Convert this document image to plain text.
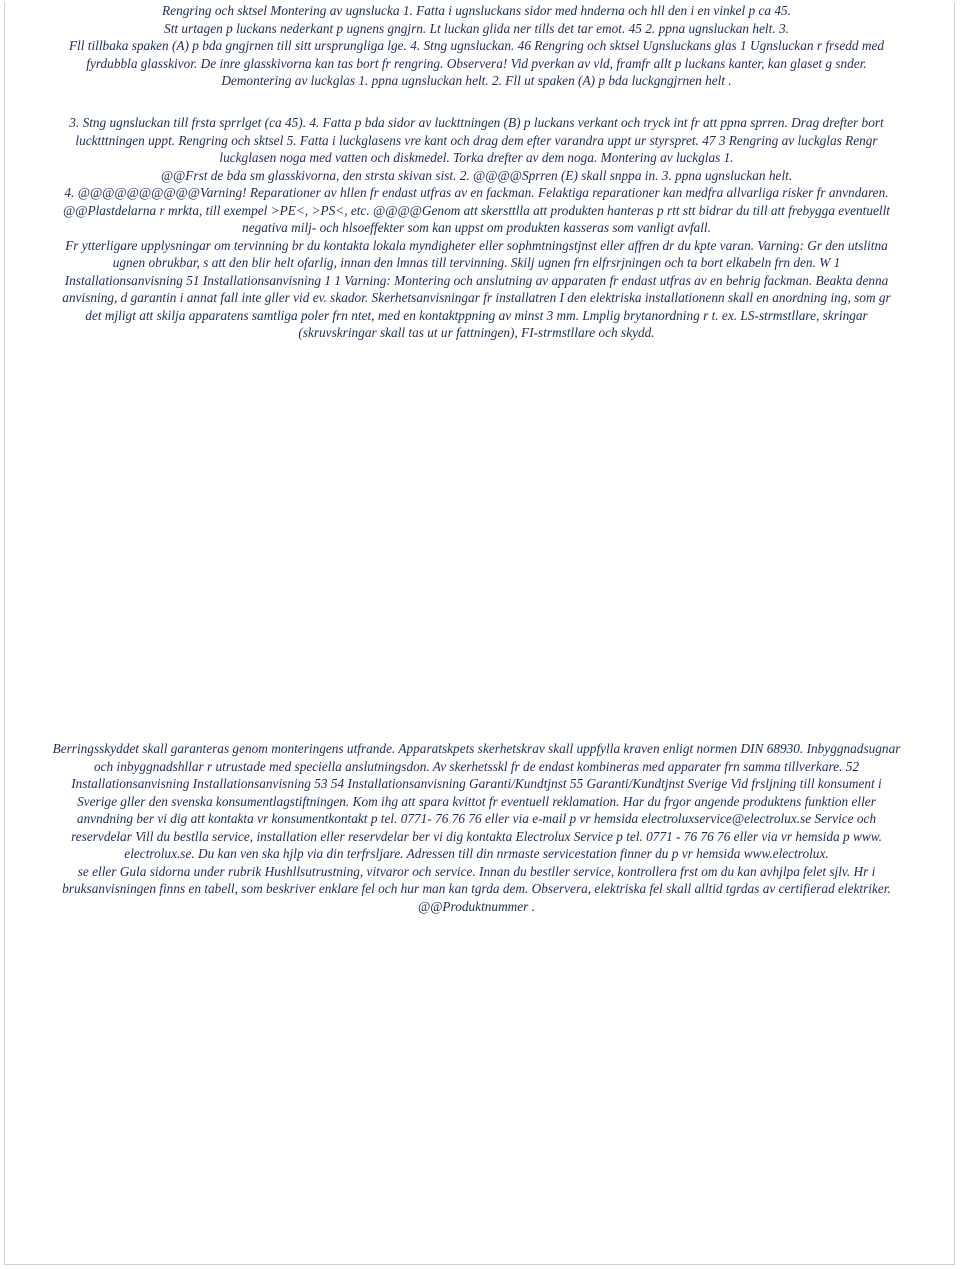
Rengring och sktsel Montering av ugnslucka 1. Fatta i ugnsluckans sidor med hnderna och hll den i en vinkel p ca 45.

Stt urtagen p luckans nederkant p ugnens gngjrn. Lt luckan glida ner tills det tar emot. 45 2. ppna ugnsluckan helt. 3.

Fll tillbaka spaken (A) p bda gngjrnen till sitt ursprungliga lge. 4. Stng ugnsluckan. 46 Rengring och sktsel Ugnsluckans glas 1 Ugnsluckan r frsedd med

fyrdubbla glasskivor. De inre glasskivorna kan tas bort fr rengring. Observera! Vid pverkan av vld, framfr allt p luckans kanter, kan glaset g snder.

Demontering av luckglas 1. ppna ugnsluckan helt. 2. Fll ut spaken (A) p bda luckgngjrnen helt .

3. Stng ugnsluckan till frsta sprrlget (ca 45). 4. Fatta p bda sidor av luckttningen (B) p luckans verkant och tryck int fr att ppna sprren. Drag drefter bort

lucktttningen uppt. Rengring och sktsel 5. Fatta i luckglasens vre kant och drag dem efter varandra uppt ur styrspret. 47 3 Rengring av luckglas Rengr

luckglasen noga med vatten och diskmedel. Torka drefter av dem noga. Montering av luckglas 1.

@@Frst de bda sm glasskivorna, den strsta skivan sist. 2. @@@@Sprren (E) skall snppa in. 3. ppna ugnsluckan helt.

4. @@@@@@@@@@Varning! Reparationer av hllen fr endast utfras av en fackman. Felaktiga reparationer kan medfra allvarliga risker fr anvndaren.

@@Plastdelarna r mrkta, till exempel >PE<, >PS<, etc. @@@@Genom att skersttlla att produkten hanteras p rtt stt bidrar du till att frebygga eventuellt

negativa milj- och hlsoeffekter som kan uppst om produkten kasseras som vanligt avfall.

Fr ytterligare upplysningar om tervinning br du kontakta lokala myndigheter eller sophmtningstjnst eller affren dr du kpte varan. Varning: Gr den utslitna

ugnen obrukbar, s att den blir helt ofarlig, innan den lmnas till tervinning. Skilj ugnen frn elfrsrjningen och ta bort elkabeln frn den. W 1

Installationsanvisning 51 Installationsanvisning 1 1 Varning: Montering och anslutning av apparaten fr endast utfras av en behrig fackman. Beakta denna

anvisning, d garantin i annat fall inte gller vid ev. skador. Skerhetsanvisningar fr installatren I den elektriska installationenn skall en anordning ing, som gr

det mjligt att skilja apparatens samtliga poler frn ntet, med en kontaktppning av minst 3 mm. Lmplig brytanordning r t. ex. LS-strmstllare, skringar

(skruvskringar skall tas ut ur fattningen), FI-strmstllare och skydd.

Berringsskyddet skall garanteras genom monteringens utfrande. Apparatskpets skerhetskrav skall uppfylla kraven enligt normen DIN 68930. Inbyggnadsugnar

och inbyggnadshllar r utrustade med speciella anslutningsdon. Av skerhetsskl fr de endast kombineras med apparater frn samma tillverkare. 52

Installationsanvisning Installationsanvisning 53 54 Installationsanvisning Garanti/Kundtjnst 55 Garanti/Kundtjnst Sverige Vid frsljning till konsument i

Sverige gller den svenska konsumentlagstiftningen. Kom ihg att spara kvittot fr eventuell reklamation. Har du frgor angende produktens funktion eller

anvndning ber vi dig att kontakta vr konsumentkontakt p tel. 0771- 76 76 76 eller via e-mail p vr hemsida electroluxservice@electrolux.se Service och

reservdelar Vill du bestlla service, installation eller reservdelar ber vi dig kontakta Electrolux Service p tel. 0771 - 76 76 76 eller via vr hemsida p www.

electrolux.se. Du kan ven ska hjlp via din terfrsljare. Adressen till din nrmaste servicestation finner du p vr hemsida www.electrolux.

se eller Gula sidorna under rubrik Hushllsutrustning, vitvaror och service. Innan du bestller service, kontrollera frst om du kan avhjlpa felet sjlv. Hr i

bruksanvisningen finns en tabell, som beskriver enklare fel och hur man kan tgrda dem. Observera, elektriska fel skall alltid tgrdas av certifierad elektriker.

@@Produktnummer .
